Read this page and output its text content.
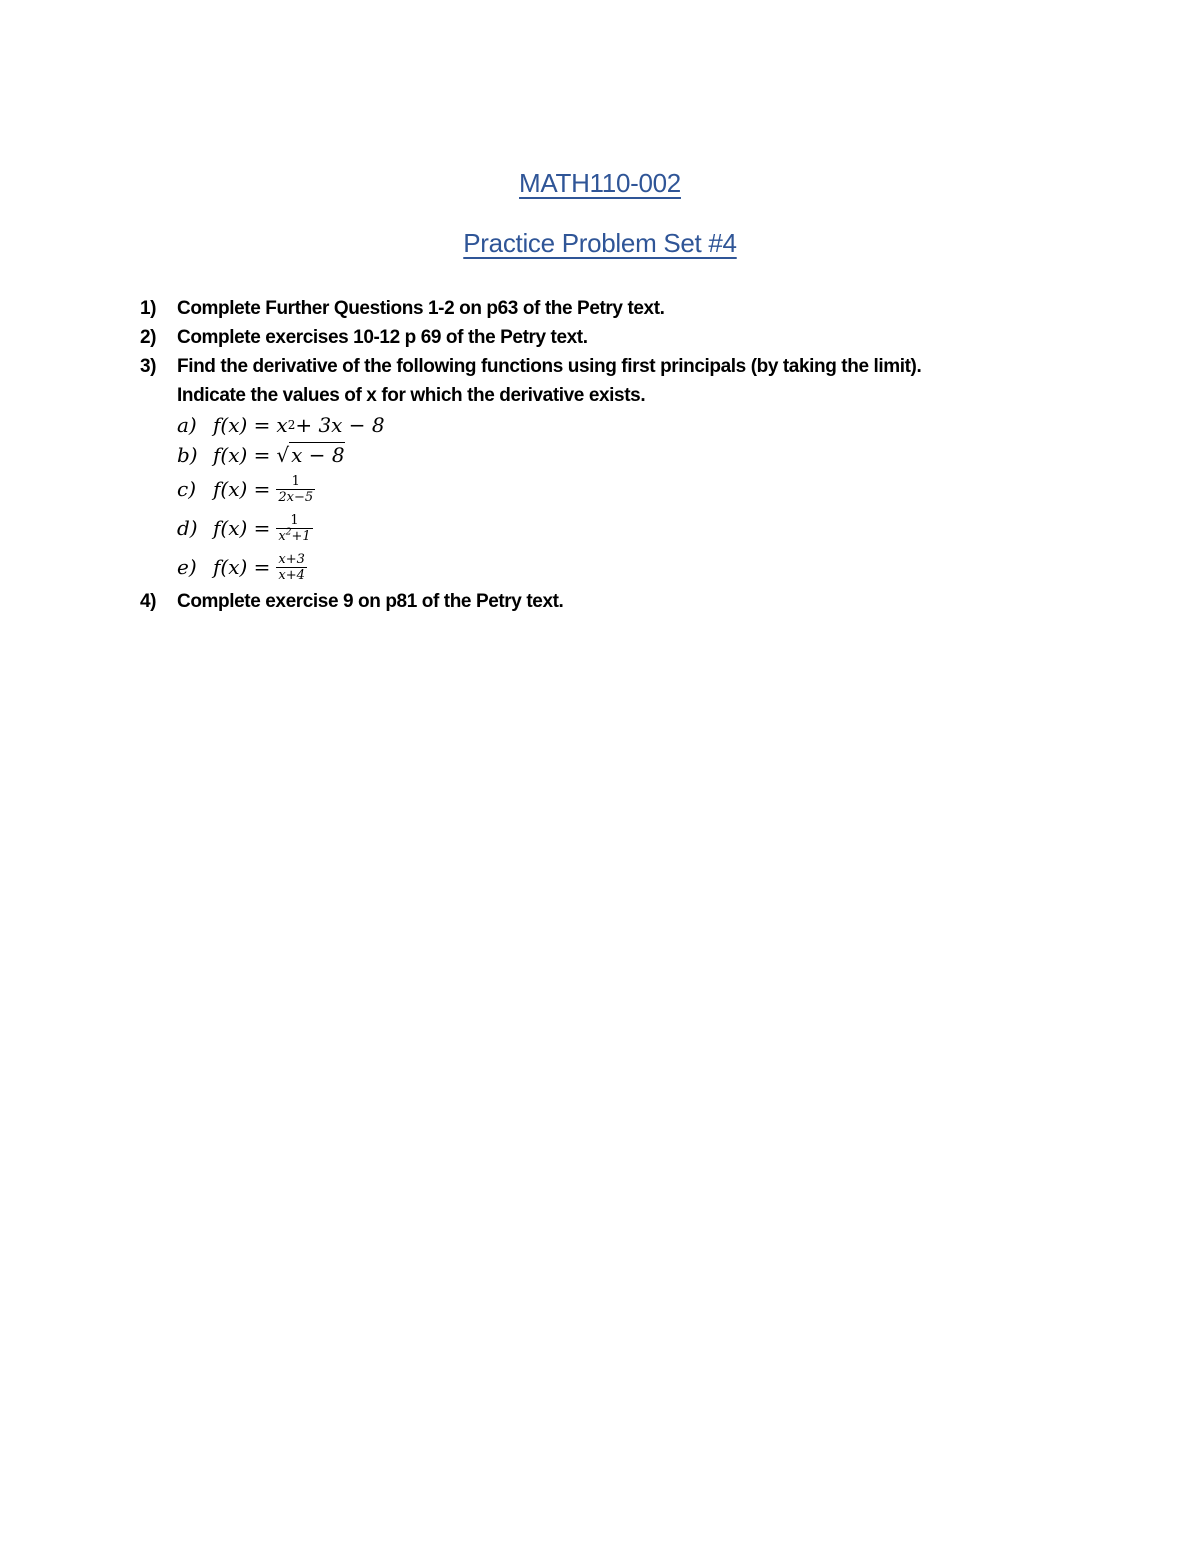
MATH110-002
Practice Problem Set #4
1) Complete Further Questions 1-2 on p63 of the Petry text.
2) Complete exercises 10-12 p 69 of the Petry text.
3) Find the derivative of the following functions using first principals (by taking the limit).
Indicate the values of x for which the derivative exists.
a) f(x) = x 2 + 3x − 8
b) f(x) = √ x − 8
c) $f(x) = \frac{1}{2x-5}$
d) $f(x) = \frac{1}{x^2+1}$
e) $f(x) = \frac{x+3}{x+4}$
4) Complete exercise 9 on p81 of the Petry text.
